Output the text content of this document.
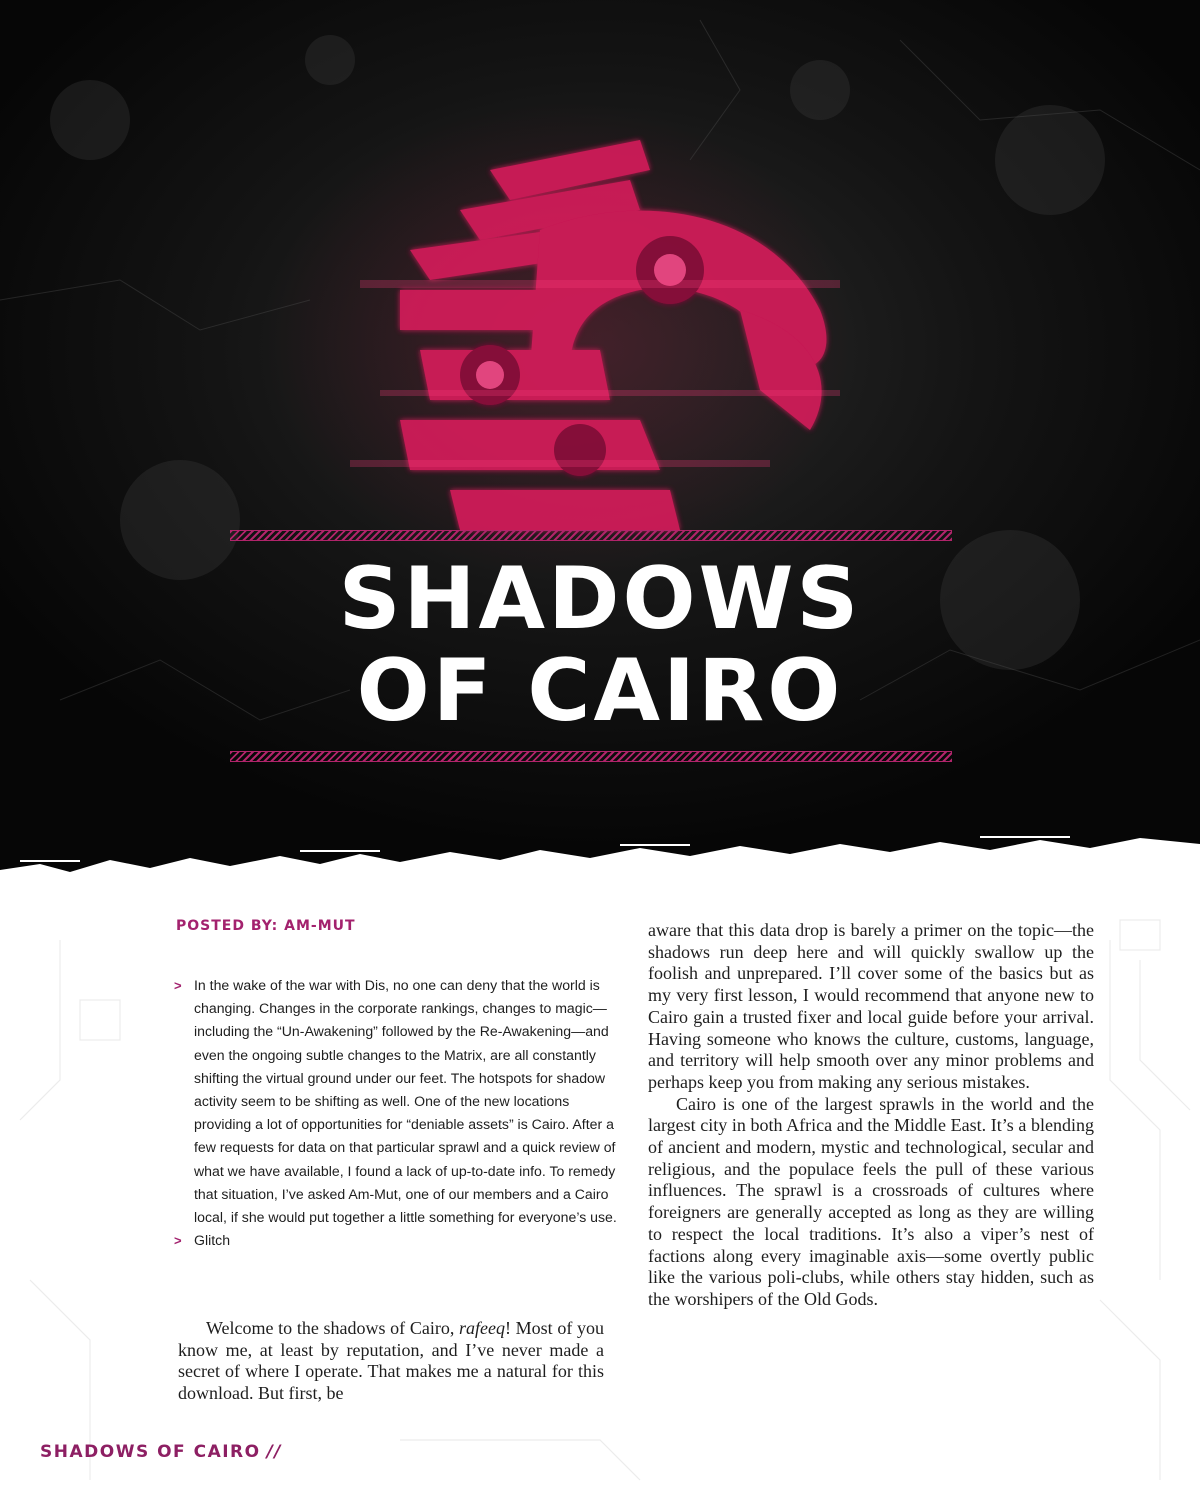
SHADOWS
OF CAIRO
POSTED BY: AM-MUT
> In the wake of the war with Dis, no one can deny that the world is changing. Changes in the corporate rankings, changes to magic—including the “Un-Awakening” followed by the Re-Awakening—and even the ongoing subtle changes to the Matrix, are all constantly shifting the virtual ground under our feet. The hotspots for shadow activity seem to be shifting as well. One of the new locations providing a lot of opportunities for “deniable assets” is Cairo. After a few requests for data on that particular sprawl and a quick review of what we have available, I found a lack of up-to-date info. To remedy that situation, I’ve asked Am-Mut, one of our members and a Cairo local, if she would put together a little something for everyone’s use.
> Glitch

Welcome to the shadows of Cairo, rafeeq! Most of you know me, at least by reputation, and I’ve never made a secret of where I operate. That makes me a natural for this download. But first, be

aware that this data drop is barely a primer on the topic—the shadows run deep here and will quickly swallow up the foolish and unprepared. I’ll cover some of the basics but as my very first lesson, I would recommend that anyone new to Cairo gain a trusted fixer and local guide before your arrival. Having someone who knows the culture, customs, language, and territory will help smooth over any minor problems and perhaps keep you from making any serious mistakes.

Cairo is one of the largest sprawls in the world and the largest city in both Africa and the Middle East. It’s a blending of ancient and modern, mystic and technological, secular and religious, and the populace feels the pull of these various influences. The sprawl is a crossroads of cultures where foreigners are generally accepted as long as they are willing to respect the local traditions. It’s also a viper’s nest of factions along every imaginable axis—some overtly public like the various poli-clubs, while others stay hidden, such as the worshipers of the Old Gods.

SHADOWS OF CAIRO //
